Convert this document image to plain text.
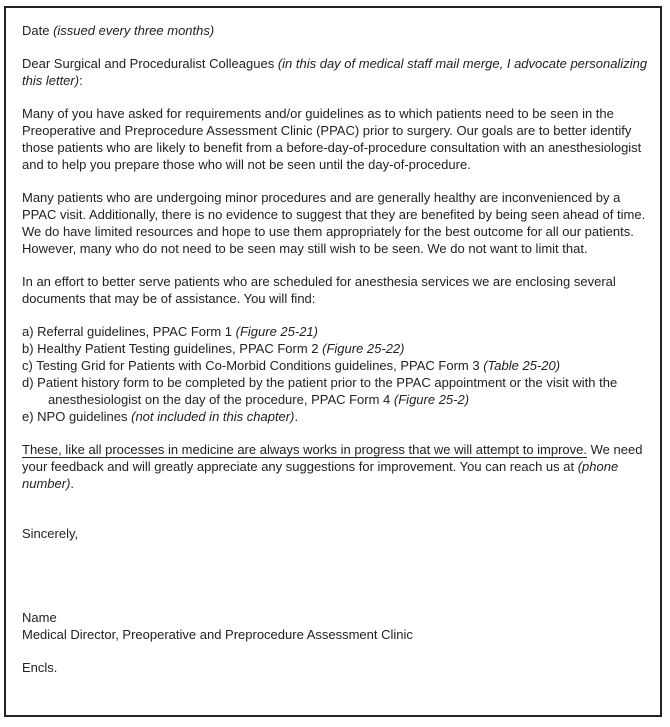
Date (issued every three months)

Dear Surgical and Proceduralist Colleagues (in this day of medical staff mail merge, I advocate personalizing this letter):

Many of you have asked for requirements and/or guidelines as to which patients need to be seen in the Preoperative and Preprocedure Assessment Clinic (PPAC) prior to surgery. Our goals are to better identify those patients who are likely to benefit from a before-day-of-procedure consultation with an anesthesiologist and to help you prepare those who will not be seen until the day-of-procedure.

Many patients who are undergoing minor procedures and are generally healthy are inconvenienced by a PPAC visit. Additionally, there is no evidence to suggest that they are benefited by being seen ahead of time. We do have limited resources and hope to use them appropriately for the best outcome for all our patients. However, many who do not need to be seen may still wish to be seen. We do not want to limit that.

In an effort to better serve patients who are scheduled for anesthesia services we are enclosing several documents that may be of assistance. You will find:

a) Referral guidelines, PPAC Form 1 (Figure 25-21)
b) Healthy Patient Testing guidelines, PPAC Form 2 (Figure 25-22)
c) Testing Grid for Patients with Co-Morbid Conditions guidelines, PPAC Form 3 (Table 25-20)
d) Patient history form to be completed by the patient prior to the PPAC appointment or the visit with the anesthesiologist on the day of the procedure, PPAC Form 4 (Figure 25-2)
e) NPO guidelines (not included in this chapter).

These, like all processes in medicine are always works in progress that we will attempt to improve. We need your feedback and will greatly appreciate any suggestions for improvement. You can reach us at (phone number).

Sincerely,

Name
Medical Director, Preoperative and Preprocedure Assessment Clinic

Encls.
